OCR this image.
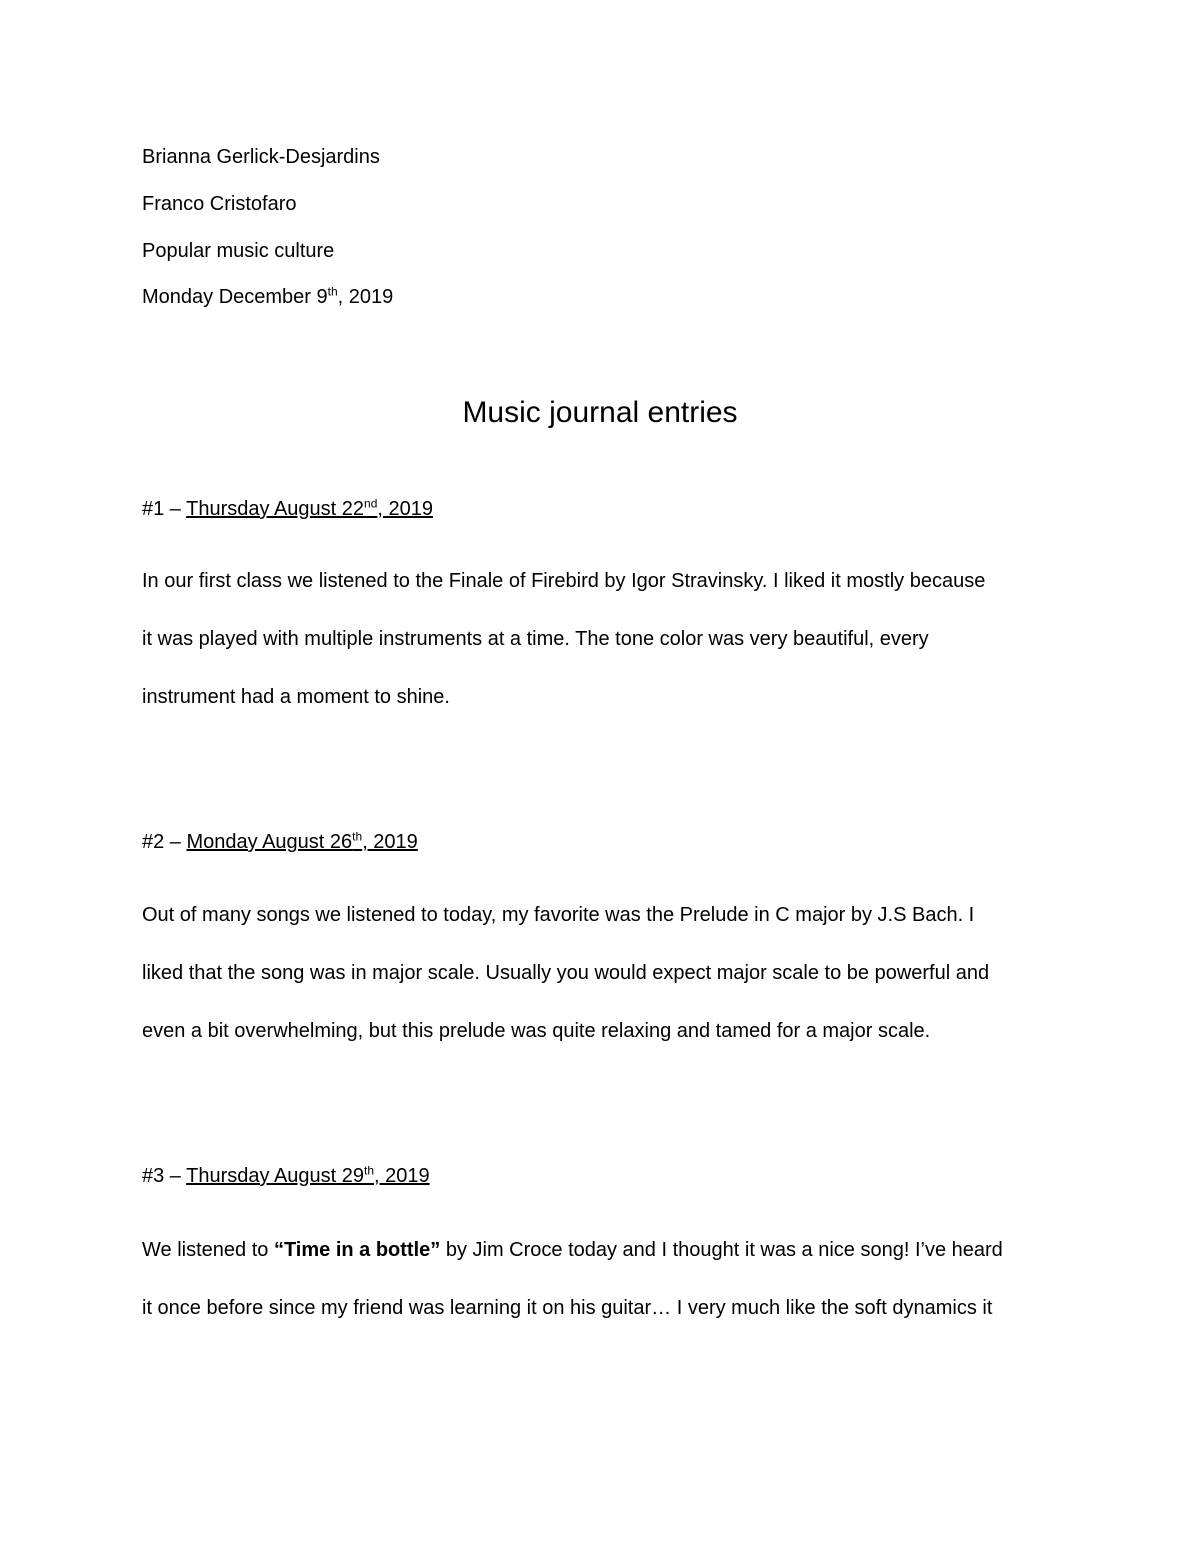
Brianna Gerlick-Desjardins
Franco Cristofaro
Popular music culture
Monday December 9th, 2019
Music journal entries
#1 – Thursday August 22nd, 2019
In our first class we listened to the Finale of Firebird by Igor Stravinsky. I liked it mostly because
it was played with multiple instruments at a time. The tone color was very beautiful, every
instrument had a moment to shine.
#2 – Monday August 26th, 2019
Out of many songs we listened to today, my favorite was the Prelude in C major by J.S Bach. I
liked that the song was in major scale. Usually you would expect major scale to be powerful and
even a bit overwhelming, but this prelude was quite relaxing and tamed for a major scale.
#3 – Thursday August 29th, 2019
We listened to “Time in a bottle” by Jim Croce today and I thought it was a nice song! I’ve heard
it once before since my friend was learning it on his guitar… I very much like the soft dynamics it
